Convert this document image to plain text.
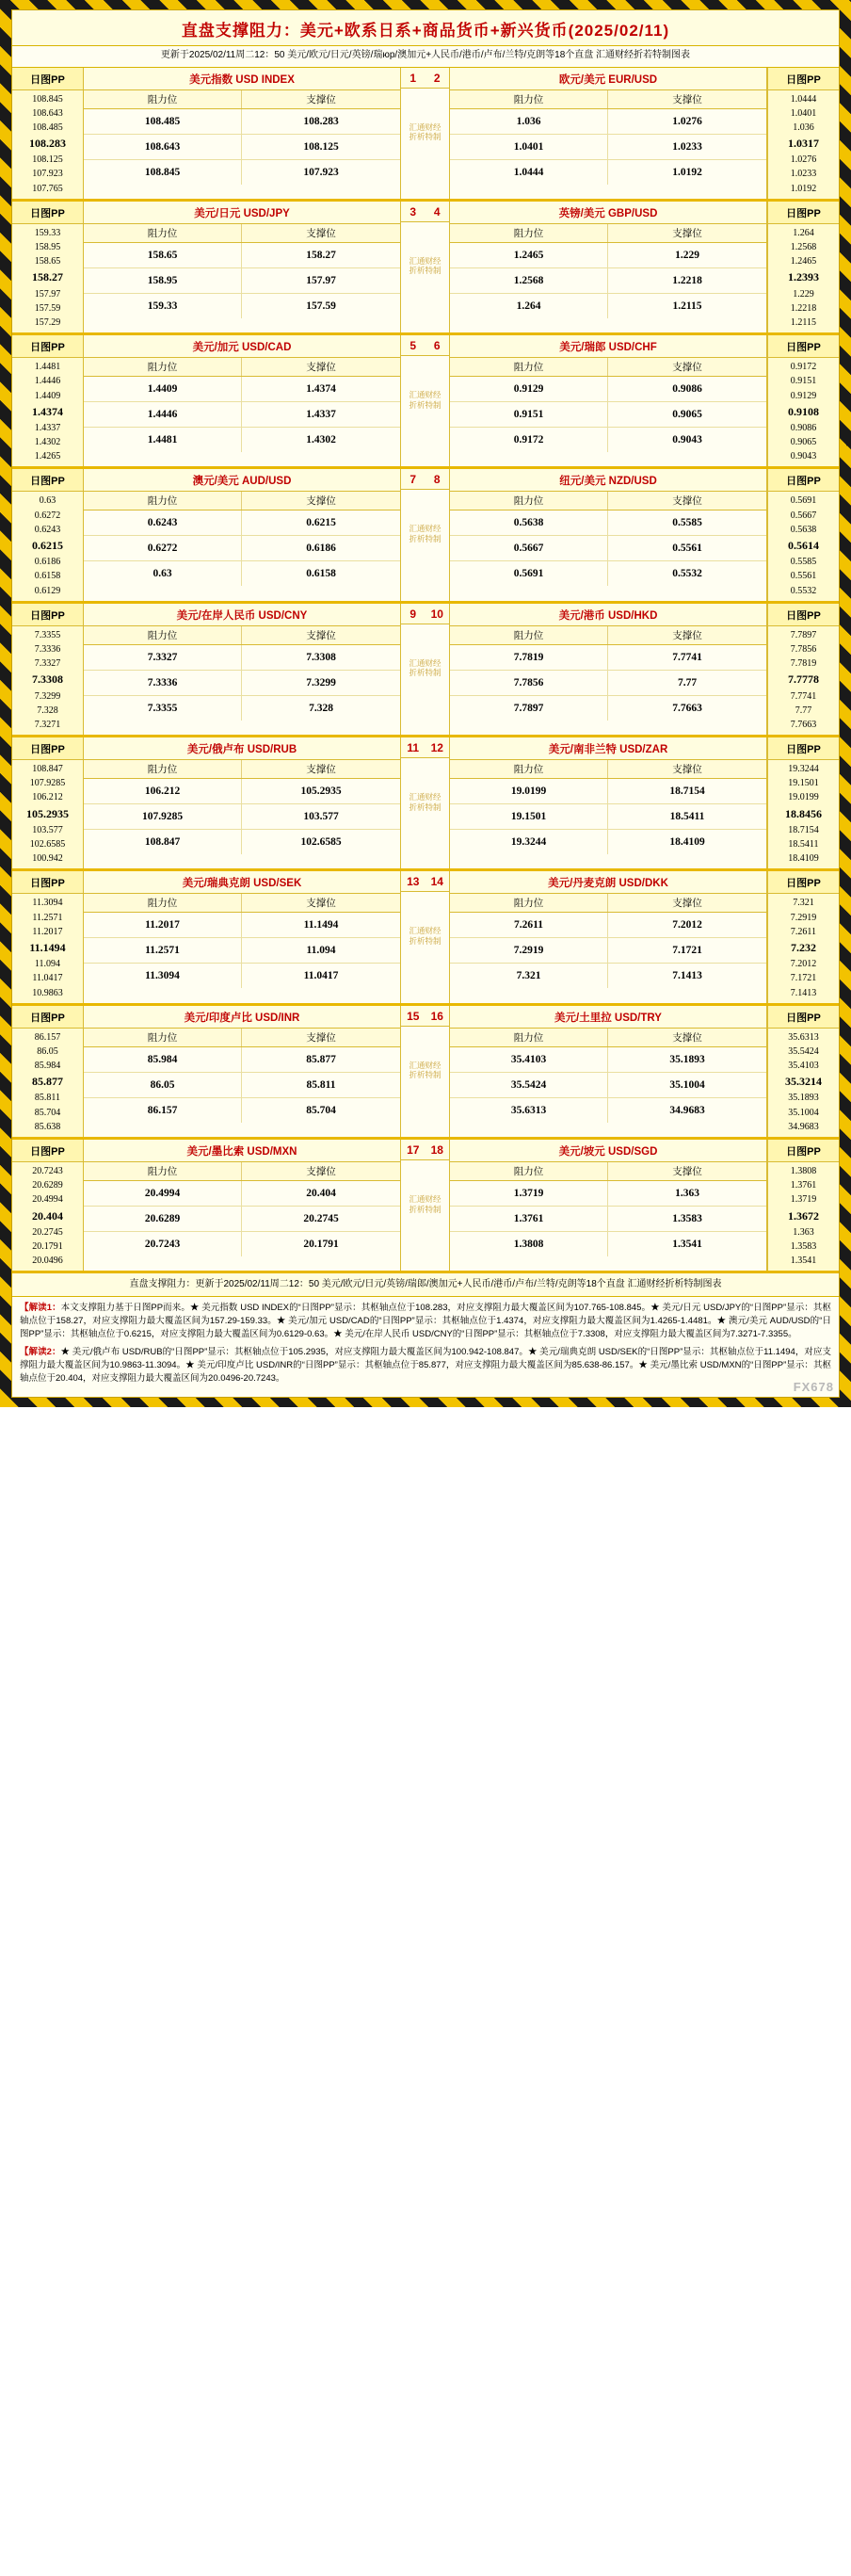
直盘支撑阻力：美元+欧系日系+商品货币+新兴货币(2025/02/11)
更新于2025/02/11周二12：50 美元/欧元/日元/英镑/瑞юр/澳加元+人民币/港币/卢布/兰特/克朗等18个直盘 汇通财经折若特制图表
日图PP
108.845
108.643
108.485
108.283
108.125
107.923
107.765
美元指数 USD INDEX
阻力位	支撑位
108.485	108.283
108.643	108.125
108.845	107.923
1	2
汇通财经
折析特制
欧元/美元 EUR/USD
阻力位	支撑位
1.036	1.0276
1.0401	1.0233
1.0444	1.0192
日图PP
1.0444
1.0401
1.036
1.0317
1.0276
1.0233
1.0192
日图PP
159.33
158.95
158.65
158.27
157.97
157.59
157.29
美元/日元 USD/JPY
阻力位	支撑位
158.65	158.27
158.95	157.97
159.33	157.59
3	4
汇通财经
折析特制
英镑/美元 GBP/USD
阻力位	支撑位
1.2465	1.229
1.2568	1.2218
1.264	1.2115
日图PP
1.264
1.2568
1.2465
1.2393
1.229
1.2218
1.2115
日图PP
1.4481
1.4446
1.4409
1.4374
1.4337
1.4302
1.4265
美元/加元 USD/CAD
阻力位	支撑位
1.4409	1.4374
1.4446	1.4337
1.4481	1.4302
5	6
汇通财经
折析特制
美元/瑞郎 USD/CHF
阻力位	支撑位
0.9129	0.9086
0.9151	0.9065
0.9172	0.9043
日图PP
0.9172
0.9151
0.9129
0.9108
0.9086
0.9065
0.9043
日图PP
0.63
0.6272
0.6243
0.6215
0.6186
0.6158
0.6129
澳元/美元 AUD/USD
阻力位	支撑位
0.6243	0.6215
0.6272	0.6186
0.63	0.6158
7	8
汇通财经
折析特制
纽元/美元 NZD/USD
阻力位	支撑位
0.5638	0.5585
0.5667	0.5561
0.5691	0.5532
日图PP
0.5691
0.5667
0.5638
0.5614
0.5585
0.5561
0.5532
日图PP
7.3355
7.3336
7.3327
7.3308
7.3299
7.328
7.3271
美元/在岸人民币 USD/CNY
阻力位	支撑位
7.3327	7.3308
7.3336	7.3299
7.3355	7.328
9	10
汇通财经
折析特制
美元/港币 USD/HKD
阻力位	支撑位
7.7819	7.7741
7.7856	7.77
7.7897	7.7663
日图PP
7.7897
7.7856
7.7819
7.7778
7.7741
7.77
7.7663
日图PP
108.847
107.9285
106.212
105.2935
103.577
102.6585
100.942
美元/俄卢布 USD/RUB
阻力位	支撑位
106.212	105.2935
107.9285	103.577
108.847	102.6585
11	12
汇通财经
折析特制
美元/南非兰特 USD/ZAR
阻力位	支撑位
19.0199	18.7154
19.1501	18.5411
19.3244	18.4109
日图PP
19.3244
19.1501
19.0199
18.8456
18.7154
18.5411
18.4109
日图PP
11.3094
11.2571
11.2017
11.1494
11.094
11.0417
10.9863
美元/瑞典克朗 USD/SEK
阻力位	支撑位
11.2017	11.1494
11.2571	11.094
11.3094	11.0417
13	14
汇通财经
折析特制
美元/丹麦克朗 USD/DKK
阻力位	支撑位
7.2611	7.2012
7.2919	7.1721
7.321	7.1413
日图PP
7.321
7.2919
7.2611
7.232
7.2012
7.1721
7.1413
日图PP
86.157
86.05
85.984
85.877
85.811
85.704
85.638
美元/印度卢比 USD/INR
阻力位	支撑位
85.984	85.877
86.05	85.811
86.157	85.704
15	16
汇通财经
折析特制
美元/土里拉 USD/TRY
阻力位	支撑位
35.4103	35.1893
35.5424	35.1004
35.6313	34.9683
日图PP
35.6313
35.5424
35.4103
35.3214
35.1893
35.1004
34.9683
日图PP
20.7243
20.6289
20.4994
20.404
20.2745
20.1791
20.0496
美元/墨比索 USD/MXN
阻力位	支撑位
20.4994	20.404
20.6289	20.2745
20.7243	20.1791
17	18
汇通财经
折析特制
美元/坡元 USD/SGD
阻力位	支撑位
1.3719	1.363
1.3761	1.3583
1.3808	1.3541
日图PP
1.3808
1.3761
1.3719
1.3672
1.363
1.3583
1.3541
直盘支撑阻力：更新于2025/02/11周二12：50 美元/欧元/日元/英镑/瑞郎/澳加元+人民币/港币/卢布/兰特/克朗等18个直盘 汇通财经折析特制图表

【解读1：本文支撑阻力基于日图PP而来。★ 美元指数 USD INDEX的“日图PP”显示：其枢轴点位于108.283，对应支撑阻力最大覆盖区间为107.765-108.845。★ 美元/日元 USD/JPY的“日图PP”显示：其枢轴点位于158.27，对应支撑阻力最大覆盖区间为157.29-159.33。★ 美元/加元 USD/CAD的“日图PP”显示：其枢轴点位于1.4374，对应支撑阻力最大覆盖区间为1.4265-1.4481。★ 澳元/美元 AUD/USD的“日图PP”显示：其枢轴点位于0.6215，对应支撑阻力最大覆盖区间为0.6129-0.63。★ 美元/在岸人民币 USD/CNY的“日图PP”显示：其枢轴点位于7.3308，对应支撑阻力最大覆盖区间为7.3271-7.3355。

【解读2：★ 美元/俄卢布 USD/RUB的“日图PP”显示：其枢轴点位于105.2935，对应支撑阻力最大覆盖区间为100.942-108.847。★ 美元/瑞典克朗 USD/SEK的“日图PP”显示：其枢轴点位于11.1494，对应支撑阻力最大覆盖区间为10.9863-11.3094。★ 美元/印度卢比 USD/INR的“日图PP”显示：其枢轴点位于85.877，对应支撑阻力最大覆盖区间为85.638-86.157。★ 美元/墨比索 USD/MXN的“日图PP”显示：其枢轴点位于20.404，对应支撑阻力最大覆盖区间为20.0496-20.7243。

FX678
